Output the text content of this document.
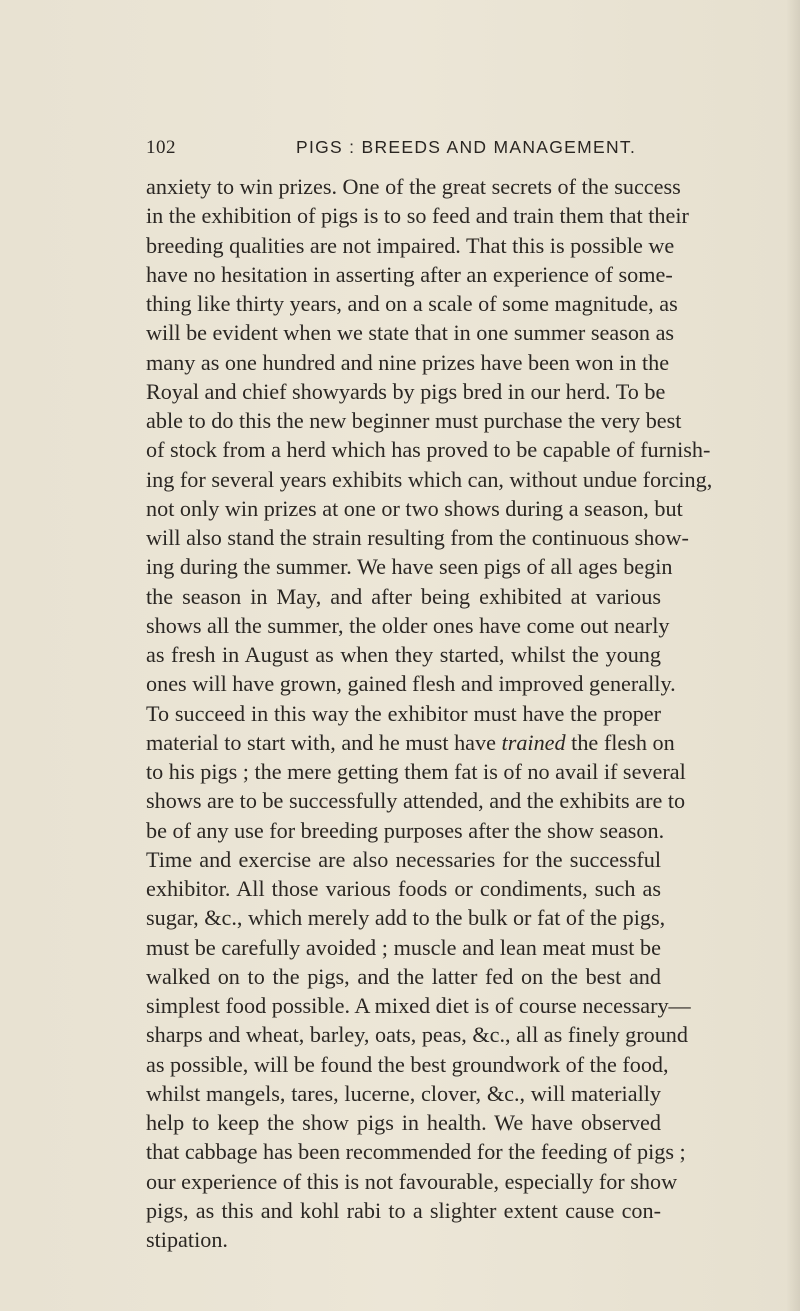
102	PIGS : BREEDS AND MANAGEMENT.
anxiety to win prizes. One of the great secrets of the success
in the exhibition of pigs is to so feed and train them that their
breeding qualities are not impaired. That this is possible we
have no hesitation in asserting after an experience of some-
thing like thirty years, and on a scale of some magnitude, as
will be evident when we state that in one summer season as
many as one hundred and nine prizes have been won in the
Royal and chief showyards by pigs bred in our herd. To be
able to do this the new beginner must purchase the very best
of stock from a herd which has proved to be capable of furnish-
ing for several years exhibits which can, without undue forcing,
not only win prizes at one or two shows during a season, but
will also stand the strain resulting from the continuous show-
ing during the summer. We have seen pigs of all ages begin
the season in May, and after being exhibited at various
shows all the summer, the older ones have come out nearly
as fresh in August as when they started, whilst the young
ones will have grown, gained flesh and improved generally.
To succeed in this way the exhibitor must have the proper
material to start with, and he must have trained the flesh on
to his pigs ; the mere getting them fat is of no avail if several
shows are to be successfully attended, and the exhibits are to
be of any use for breeding purposes after the show season.
Time and exercise are also necessaries for the successful
exhibitor. All those various foods or condiments, such as
sugar, &c., which merely add to the bulk or fat of the pigs,
must be carefully avoided ; muscle and lean meat must be
walked on to the pigs, and the latter fed on the best and
simplest food possible. A mixed diet is of course necessary—
sharps and wheat, barley, oats, peas, &c., all as finely ground
as possible, will be found the best groundwork of the food,
whilst mangels, tares, lucerne, clover, &c., will materially
help to keep the show pigs in health. We have observed
that cabbage has been recommended for the feeding of pigs ;
our experience of this is not favourable, especially for show
pigs, as this and kohl rabi to a slighter extent cause con-
stipation.
